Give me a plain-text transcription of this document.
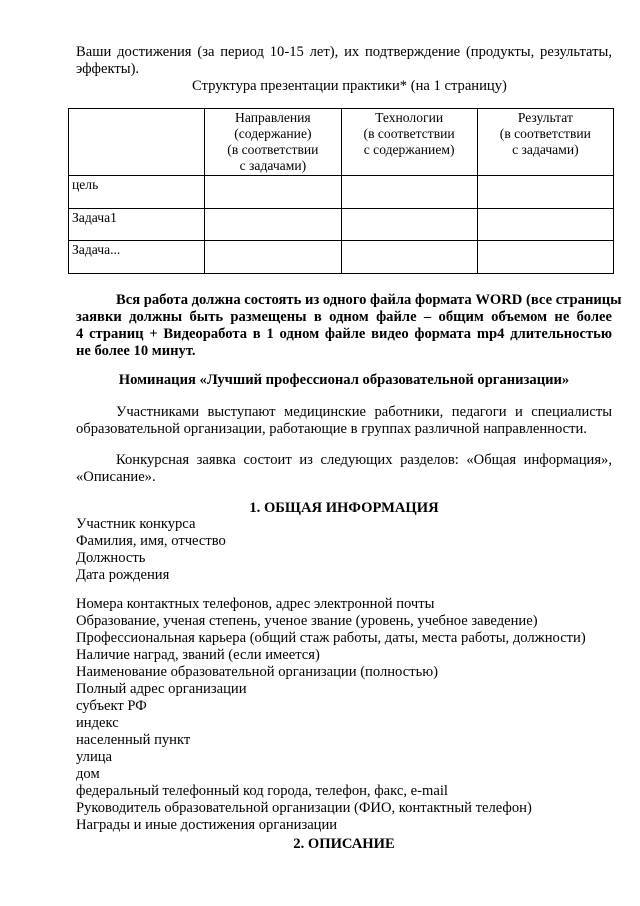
Ваши достижения (за период 10-15 лет), их подтверждение (продукты, результаты,
эффекты).
Структура презентации практики* (на 1 страницу)

	Направления
(содержание)
(в соответствии
с задачами)	Технологии
(в соответствии
с содержанием)	Результат
(в соответствии
с задачами)

цель			
Задача1			
Задача...			
Вся работа должна состоять из одного файла формата WORD (все страницы
заявки должны быть размещены в одном файле – общим объемом не более
4 страниц + Видеоработа в 1 одном файле видео формата mp4 длительностью
не более 10 минут.
Номинация «Лучший профессионал образовательной организации»
Участниками выступают медицинские работники, педагоги и специалисты
образовательной организации, работающие в группах различной направленности.
Конкурсная заявка состоит из следующих разделов: «Общая информация»,
«Описание».
1. ОБЩАЯ ИНФОРМАЦИЯ
Участник конкурса
Фамилия, имя, отчество
Должность
Дата рождения
Номера контактных телефонов, адрес электронной почты
Образование, ученая степень, ученое звание (уровень, учебное заведение)
Профессиональная карьера (общий стаж работы, даты, места работы, должности)
Наличие наград, званий (если имеется)
Наименование образовательной организации (полностью)
Полный адрес организации
субъект РФ
индекс
населенный пункт
улица
дом
федеральный телефонный код города, телефон, факс, e-mail
Руководитель образовательной организации (ФИО, контактный телефон)
Награды и иные достижения организации
2. ОПИСАНИЕ
